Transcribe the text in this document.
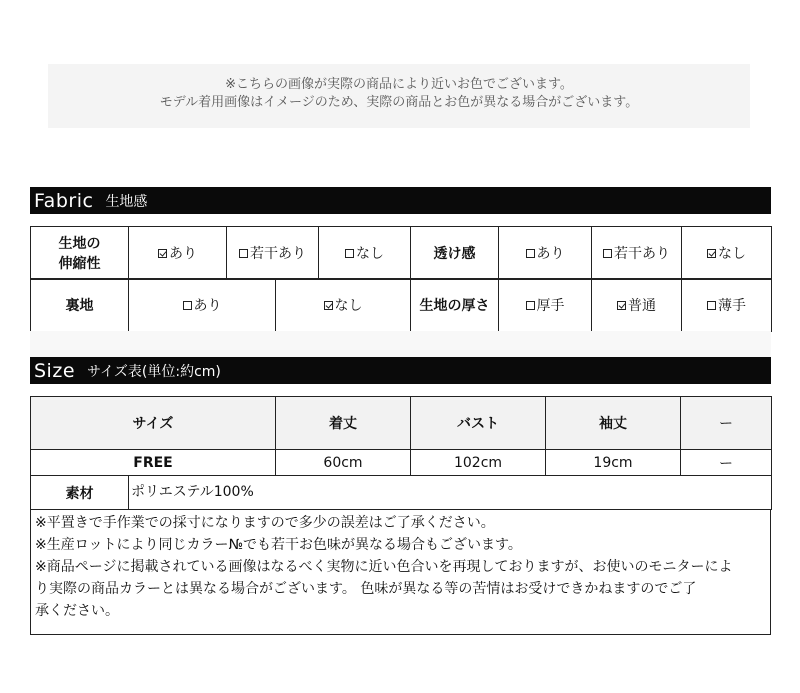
※こちらの画像が実際の商品により近いお色でございます。
モデル着用画像はイメージのため、実際の商品とお色が異なる場合がございます。
Fabric 生地感
生地の
伸縮性	あり	若干あり	なし	透け感	あり	若干あり	なし
裏地	あり	なし	生地の厚さ	厚手	普通	薄手
Size サイズ表(単位:約cm)
サイズ	着丈	バスト	袖丈	ー
FREE	60cm	102cm	19cm	ー
素材	ポリエステル100%
※平置きで手作業での採寸になりますので多少の誤差はご了承ください。
※生産ロットにより同じカラー№でも若干お色味が異なる場合もございます。
※商品ページに掲載されている画像はなるべく実物に近い色合いを再現しておりますが、お使いのモニターによ
り実際の商品カラーとは異なる場合がございます。 色味が異なる等の苦情はお受けできかねますのでご了
承ください。
